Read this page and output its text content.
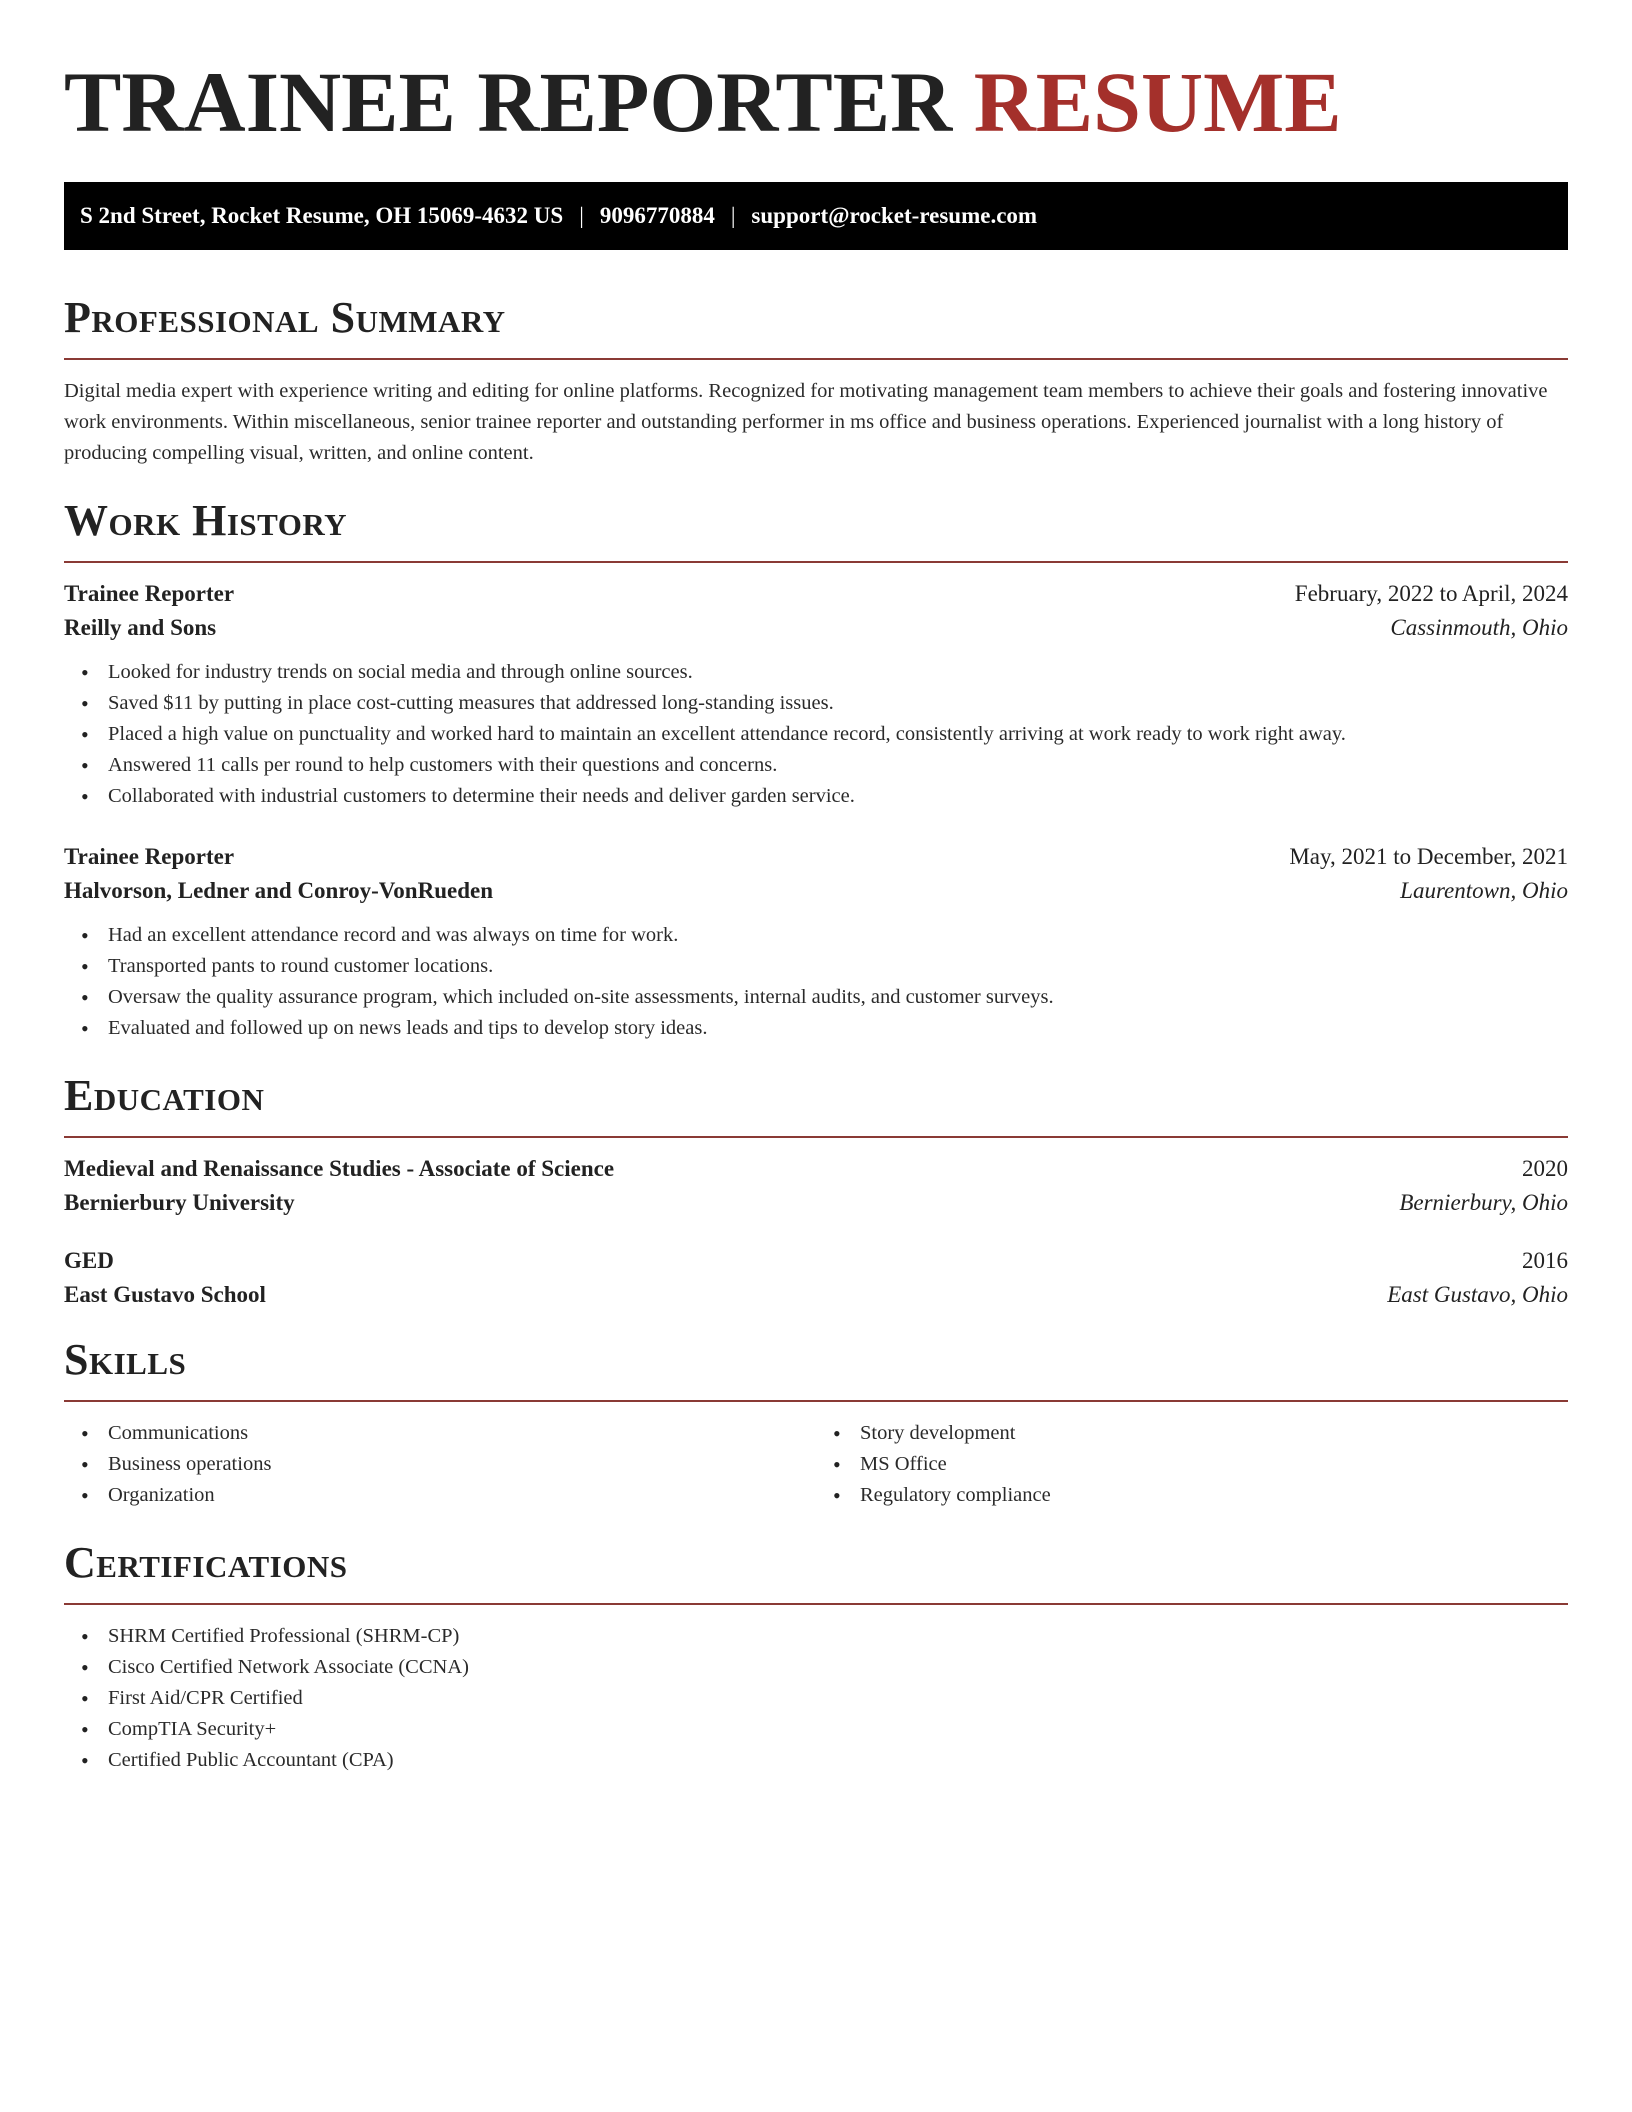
TRAINEE REPORTER RESUME
S 2nd Street, Rocket Resume, OH 15069-4632 US | 9096770884 | support@rocket-resume.com
Professional Summary

Digital media expert with experience writing and editing for online platforms. Recognized for motivating management team members to achieve their goals and fostering innovative work environments. Within miscellaneous, senior trainee reporter and outstanding performer in ms office and business operations. Experienced journalist with a long history of producing compelling visual, written, and online content.

Work History
Trainee Reporter	February, 2022 to April, 2024
Reilly and Sons	Cassinmouth, Ohio
• Looked for industry trends on social media and through online sources.
• Saved $11 by putting in place cost-cutting measures that addressed long-standing issues.
• Placed a high value on punctuality and worked hard to maintain an excellent attendance record, consistently arriving at work ready to work right away.
• Answered 11 calls per round to help customers with their questions and concerns.
• Collaborated with industrial customers to determine their needs and deliver garden service.
Trainee Reporter	May, 2021 to December, 2021
Halvorson, Ledner and Conroy-VonRueden	Laurentown, Ohio
• Had an excellent attendance record and was always on time for work.
• Transported pants to round customer locations.
• Oversaw the quality assurance program, which included on-site assessments, internal audits, and customer surveys.
• Evaluated and followed up on news leads and tips to develop story ideas.
Education
Medieval and Renaissance Studies - Associate of Science	2020
Bernierbury University	Bernierbury, Ohio
GED	2016
East Gustavo School	East Gustavo, Ohio
Skills
• Communications
• Business operations
• Organization
• Story development
• MS Office
• Regulatory compliance
Certifications
• SHRM Certified Professional (SHRM-CP)
• Cisco Certified Network Associate (CCNA)
• First Aid/CPR Certified
• CompTIA Security+
• Certified Public Accountant (CPA)
